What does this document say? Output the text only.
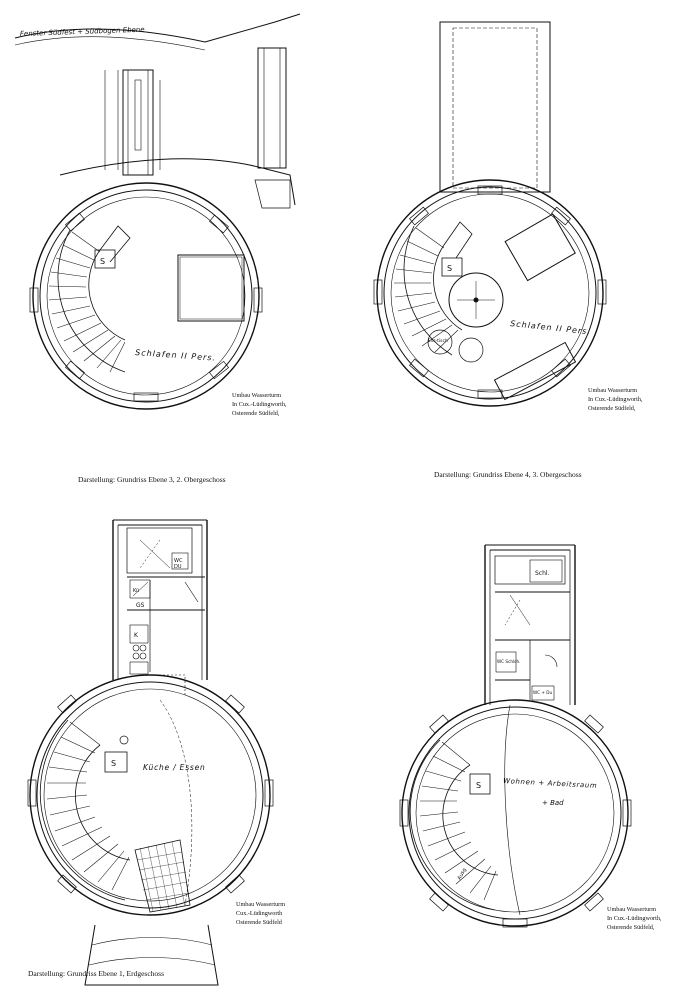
Fenster Südfest + Südbogen Ebene
Schlafen II Pers.
S
Umbau Wasserturm
In Cux.-Lüdingworth,
Osterende Südfeld,
Darstellung: Grundriss Ebene 3, 2. Obergeschoss
Schlafen II Pers.
S
Ess-tisch
Umbau Wasserturm
In Cux.-Lüdingworth,
Osterende Südfeld,
Darstellung: Grundriss Ebene 4, 3. Obergeschoss
Küche / Essen
S
WC
DU
Kü
GS
K
Umbau Wasserturm
Cux.-Lüdingworth
Osterende Südfeld
Darstellung: Grundriss Ebene 1, Erdgeschoss
Wohnen + Arbeitsraum
+ Bad
S
Schl.
WC Schlch.
WC + Du
Ausg
Umbau Wasserturm
In Cux.-Lüdingworth,
Osterende Südfeld,
